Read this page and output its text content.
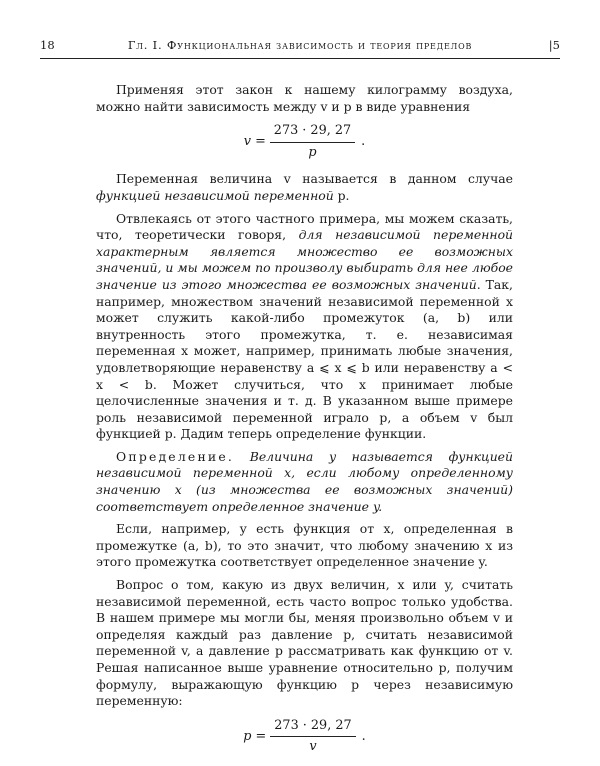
18	Гл. I. Функциональная зависимость и теория пределов	|5

Применяя этот закон к нашему килограмму воздуха, можно найти зависимость между v и p в виде уравнения

$v = \frac{273 \cdot 29, 27}{p}$ .

Переменная величина v называется в данном случае функцией независимой переменной p.

Отвлекаясь от этого частного примера, мы можем сказать, что, теоретически говоря, для независимой переменной характерным является множество ее возможных значений, и мы можем по произволу выбирать для нее любое значение из этого множества ее возможных значений. Так, например, множеством значений независимой переменной x может служить какой-либо промежуток (a, b) или внутренность этого промежутка, т. е. независимая переменная x может, например, принимать любые значения, удовлетворяющие неравенству a ⩽ x ⩽ b или неравенству a < x < b. Может случиться, что x принимает любые целочисленные значения и т. д. В указанном выше примере роль независимой переменной играло p, а объем v был функцией p. Дадим теперь определение функции.

Определение. Величина y называется функцией независимой переменной x, если любому определенному значению x (из множества ее возможных значений) соответствует определенное значение y.

Если, например, y есть функция от x, определенная в промежутке (a, b), то это значит, что любому значению x из этого промежутка соответствует определенное значение y.

Вопрос о том, какую из двух величин, x или y, считать независимой переменной, есть часто вопрос только удобства. В нашем примере мы могли бы, меняя произвольно объем v и определяя каждый раз давление p, считать независимой переменной v, а давление p рассматривать как функцию от v. Решая написанное выше уравнение относительно p, получим формулу, выражающую функцию p через независимую переменную:

$p = \frac{273 \cdot 29, 27}{v}$ .
